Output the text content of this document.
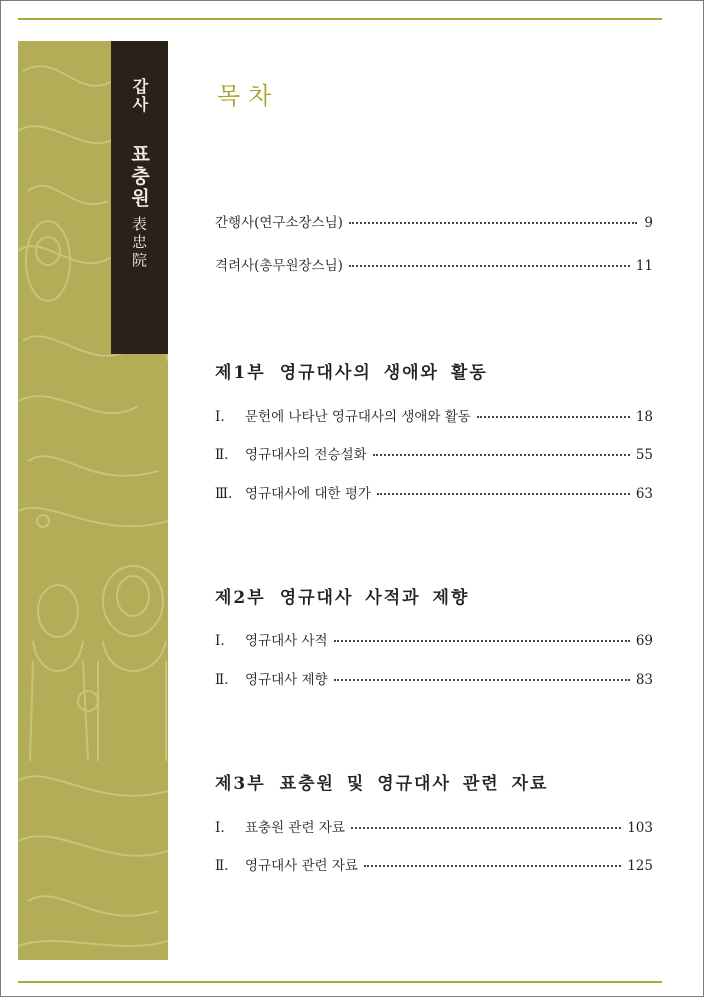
갑사
표충원
表忠院
목차
간행사(연구소장스님)	9
격려사(총무원장스님)	11
제1부 영규대사의 생애와 활동
Ⅰ.	문헌에 나타난 영규대사의 생애와 활동	18
Ⅱ.	영규대사의 전승설화	55
Ⅲ. 영규대사에 대한 평가	63
제2부 영규대사 사적과 제향
Ⅰ.	영규대사 사적	69
Ⅱ.	영규대사 제향	83
제3부 표충원 및 영규대사 관련 자료
Ⅰ.	표충원 관련 자료	103
Ⅱ.	영규대사 관련 자료	125
